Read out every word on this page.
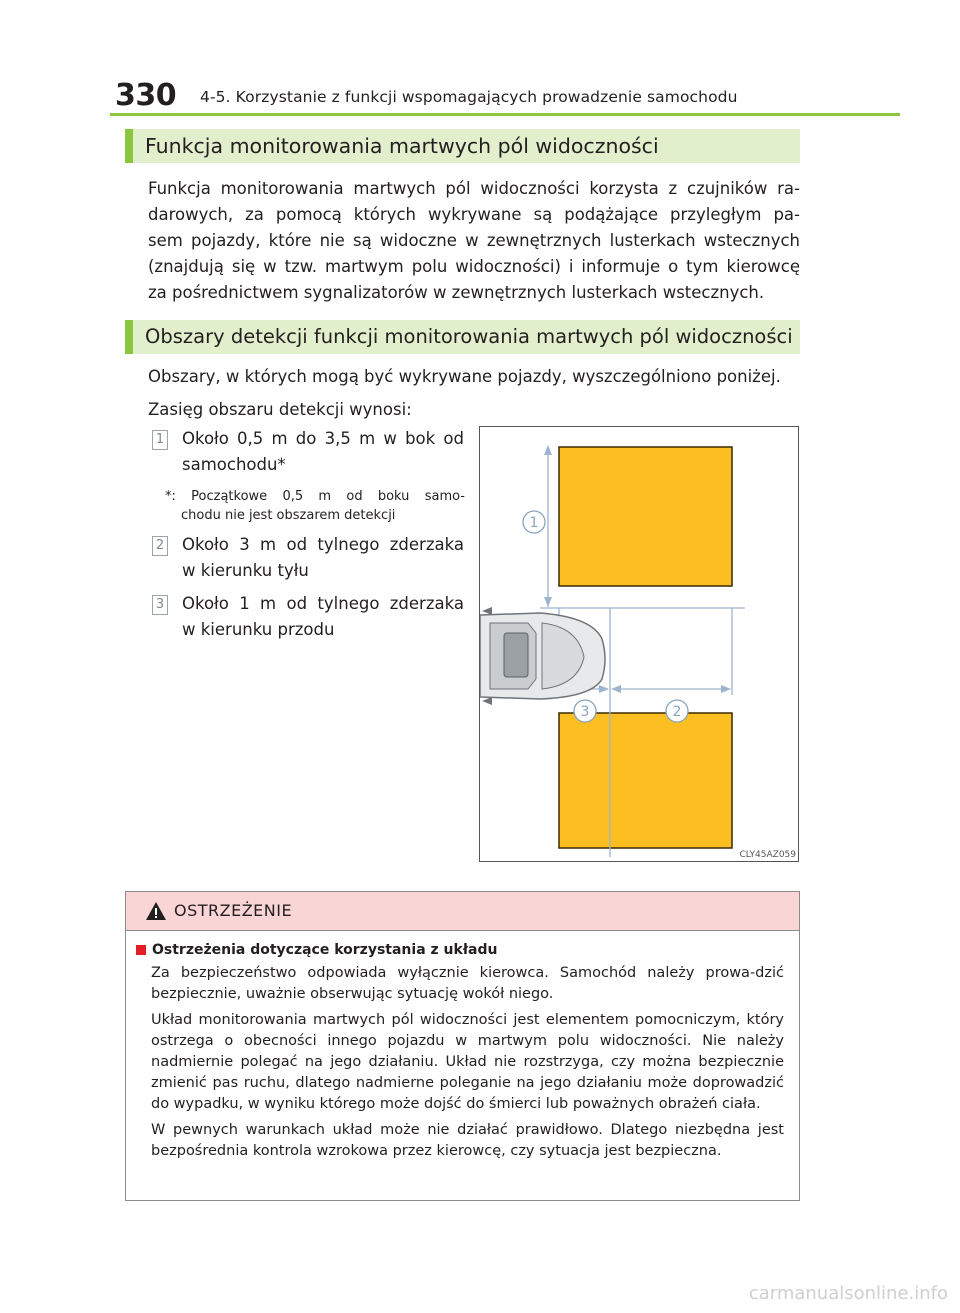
330 4-5. Korzystanie z funkcji wspomagających prowadzenie samochodu
Funkcja monitorowania martwych pól widoczności
Funkcja monitorowania martwych pól widoczności korzysta z czujników ra-
darowych, za pomocą których wykrywane są podążające przyległym pa-
sem pojazdy, które nie są widoczne w zewnętrznych lusterkach wstecznych
(znajdują się w tzw. martwym polu widoczności) i informuje o tym kierowcę
za pośrednictwem sygnalizatorów w zewnętrznych lusterkach wstecznych.
Obszary detekcji funkcji monitorowania martwych pól widoczności
Obszary, w których mogą być wykrywane pojazdy, wyszczególniono poniżej.
Zasięg obszaru detekcji wynosi:
1 Około 0,5 m do 3,5 m w bok od
samochodu*
*: Początkowe 0,5 m od boku samo-
chodu nie jest obszarem detekcji
2 Około 3 m od tylnego zderzaka
w kierunku tyłu
3 Około 1 m od tylnego zderzaka
w kierunku przodu
1
3	2
CLY45AZ059
OSTRZEŻENIE
Ostrzeżenia dotyczące korzystania z układu

Za bezpieczeństwo odpowiada wyłącznie kierowca. Samochód należy prowa-dzić bezpiecznie, uważnie obserwując sytuację wokół niego.

Układ monitorowania martwych pól widoczności jest elementem pomocniczym, który ostrzega o obecności innego pojazdu w martwym polu widoczności. Nie należy nadmiernie polegać na jego działaniu. Układ nie rozstrzyga, czy można bezpiecznie zmienić pas ruchu, dlatego nadmierne poleganie na jego działaniu może doprowadzić do wypadku, w wyniku którego może dojść do śmierci lub poważnych obrażeń ciała.

W pewnych warunkach układ może nie działać prawidłowo. Dlatego niezbędna jest bezpośrednia kontrola wzrokowa przez kierowcę, czy sytuacja jest bezpieczna.

carmanualsonline.info
